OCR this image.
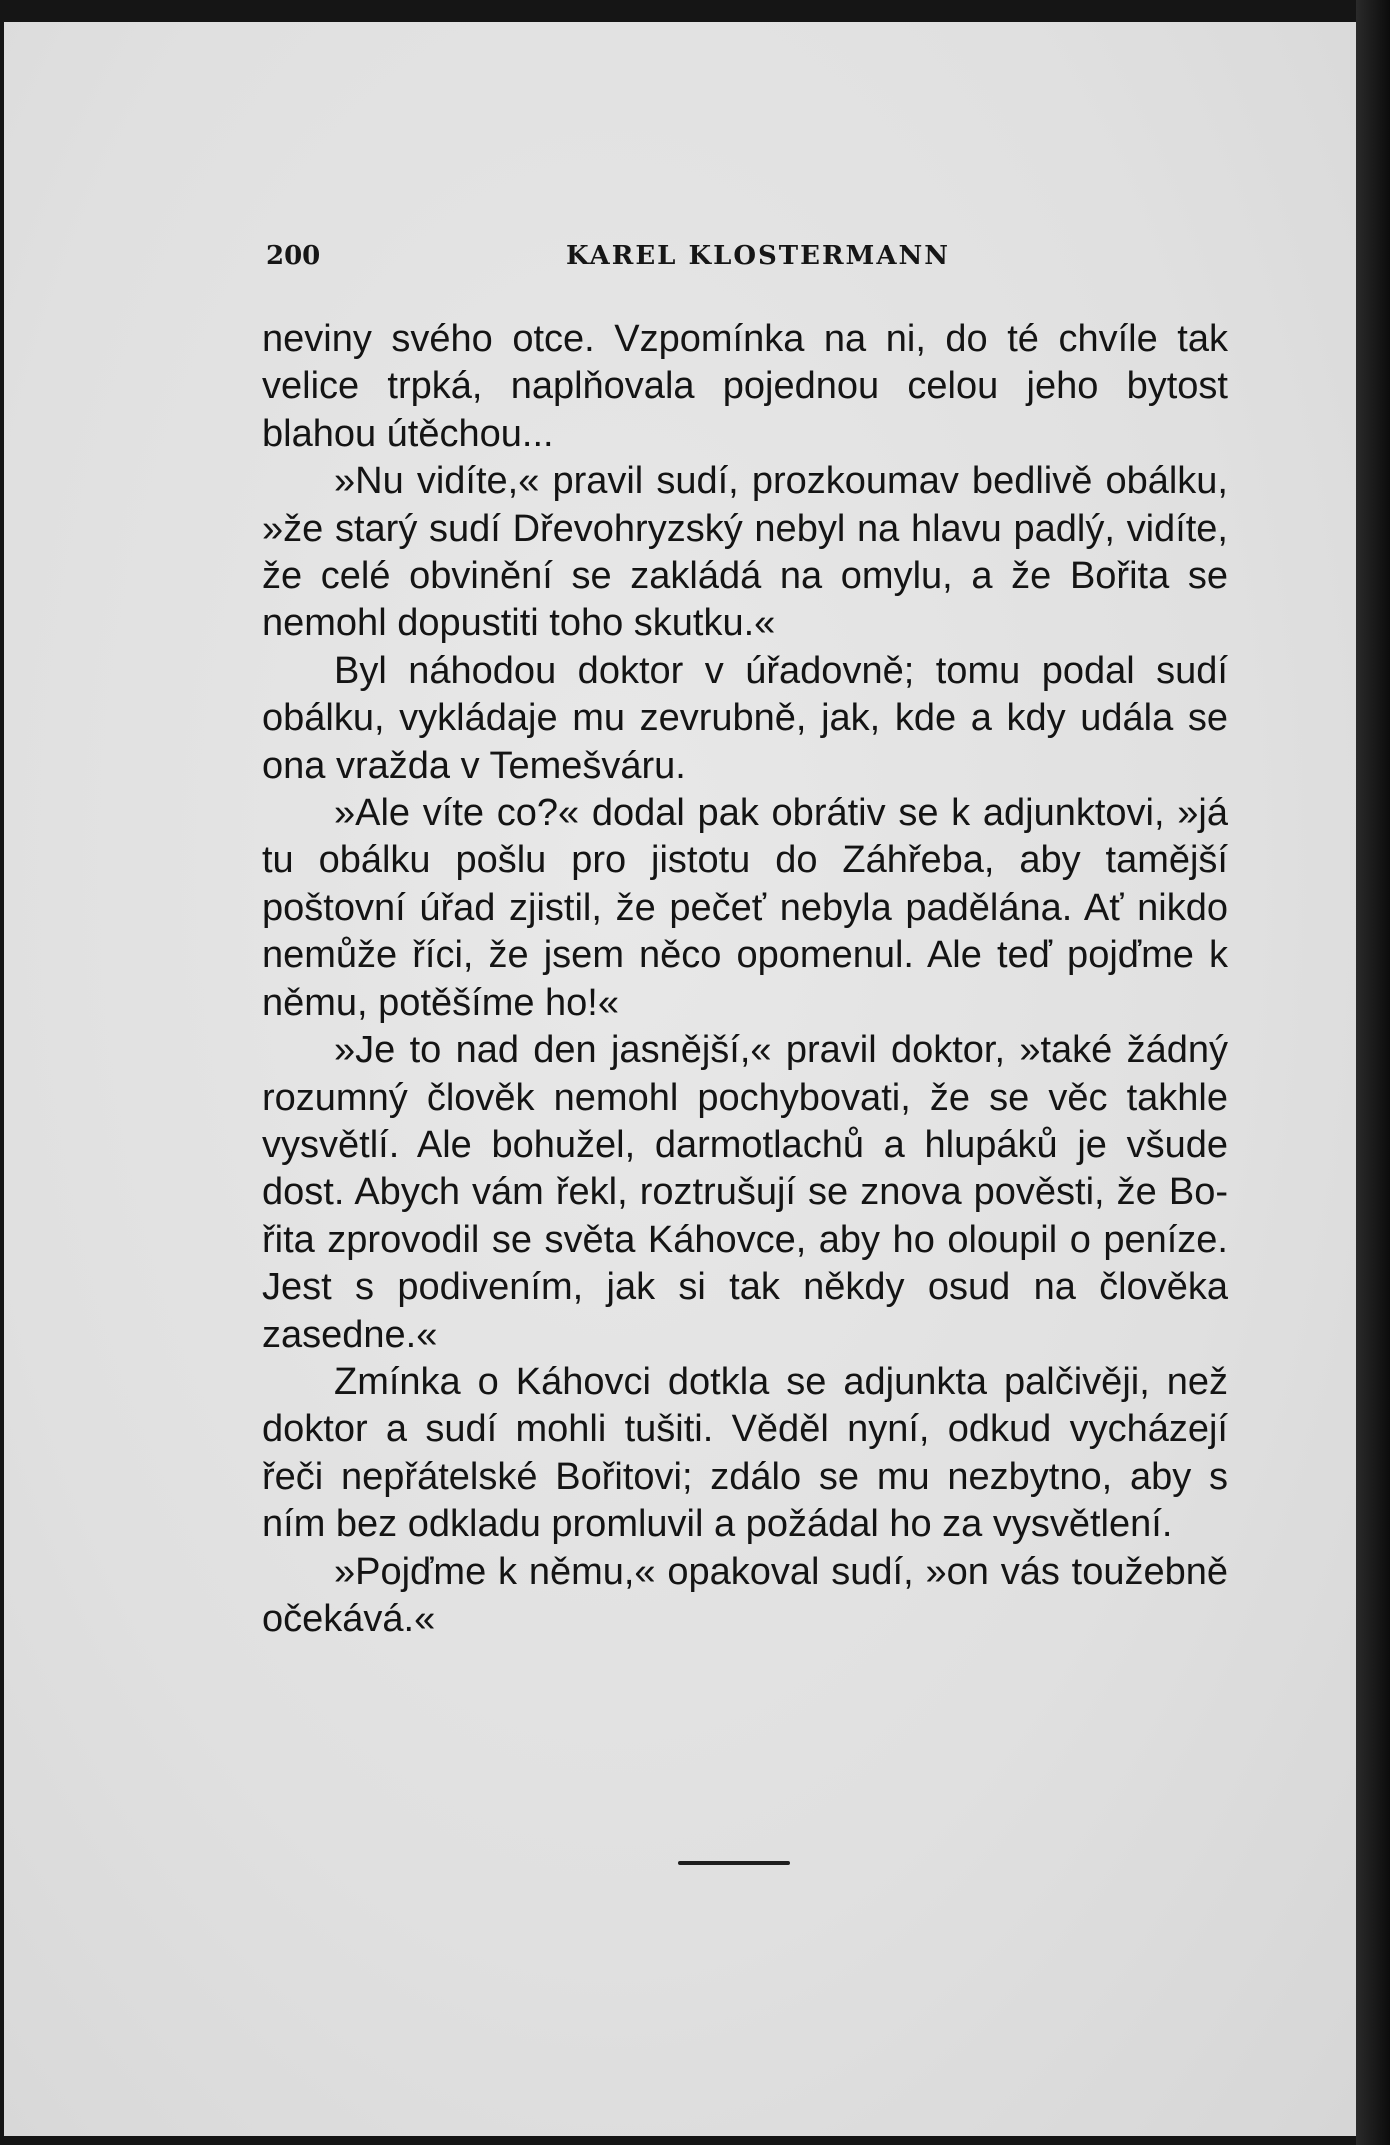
200	KAREL KLOSTERMANN

neviny svého otce. Vzpomínka na ni, do té chvíle tak velice trpká, naplňovala pojednou celou jeho bytost blahou útěchou...

»Nu vidíte,« pravil sudí, prozkoumav bedlivě obálku, »že starý sudí Dřevohryzský nebyl na hlavu padlý, vidíte, že celé obvinění se zakládá na omylu, a že Bořita se nemohl dopustiti toho skutku.«

Byl náhodou doktor v úřadovně; tomu podal sudí obálku, vykládaje mu zevrubně, jak, kde a kdy udála se ona vražda v Temešváru.

»Ale víte co?« dodal pak obrátiv se k adjunktovi, »já tu obálku pošlu pro jistotu do Záhřeba, aby tamější poštovní úřad zjistil, že pečeť nebyla padělána. Ať nikdo nemůže říci, že jsem něco opomenul. Ale teď pojďme k němu, potěšíme ho!«

»Je to nad den jasnější,« pravil doktor, »také žádný rozumný člověk nemohl pochybovati, že se věc takhle vysvětlí. Ale bohužel, darmotlachů a hlupáků je všude dost. Abych vám řekl, roztrušují se znova pověsti, že Bořita zprovodil se světa Káhovce, aby ho oloupil o peníze. Jest s podivením, jak si tak někdy osud na člověka zasedne.«

Zmínka o Káhovci dotkla se adjunkta palčivěji, než doktor a sudí mohli tušiti. Věděl nyní, odkud vycházejí řeči nepřátelské Bořitovi; zdálo se mu nezbytno, aby s ním bez odkladu promluvil a požádal ho za vysvětlení.

»Pojďme k němu,« opakoval sudí, »on vás toužebně očekává.«
